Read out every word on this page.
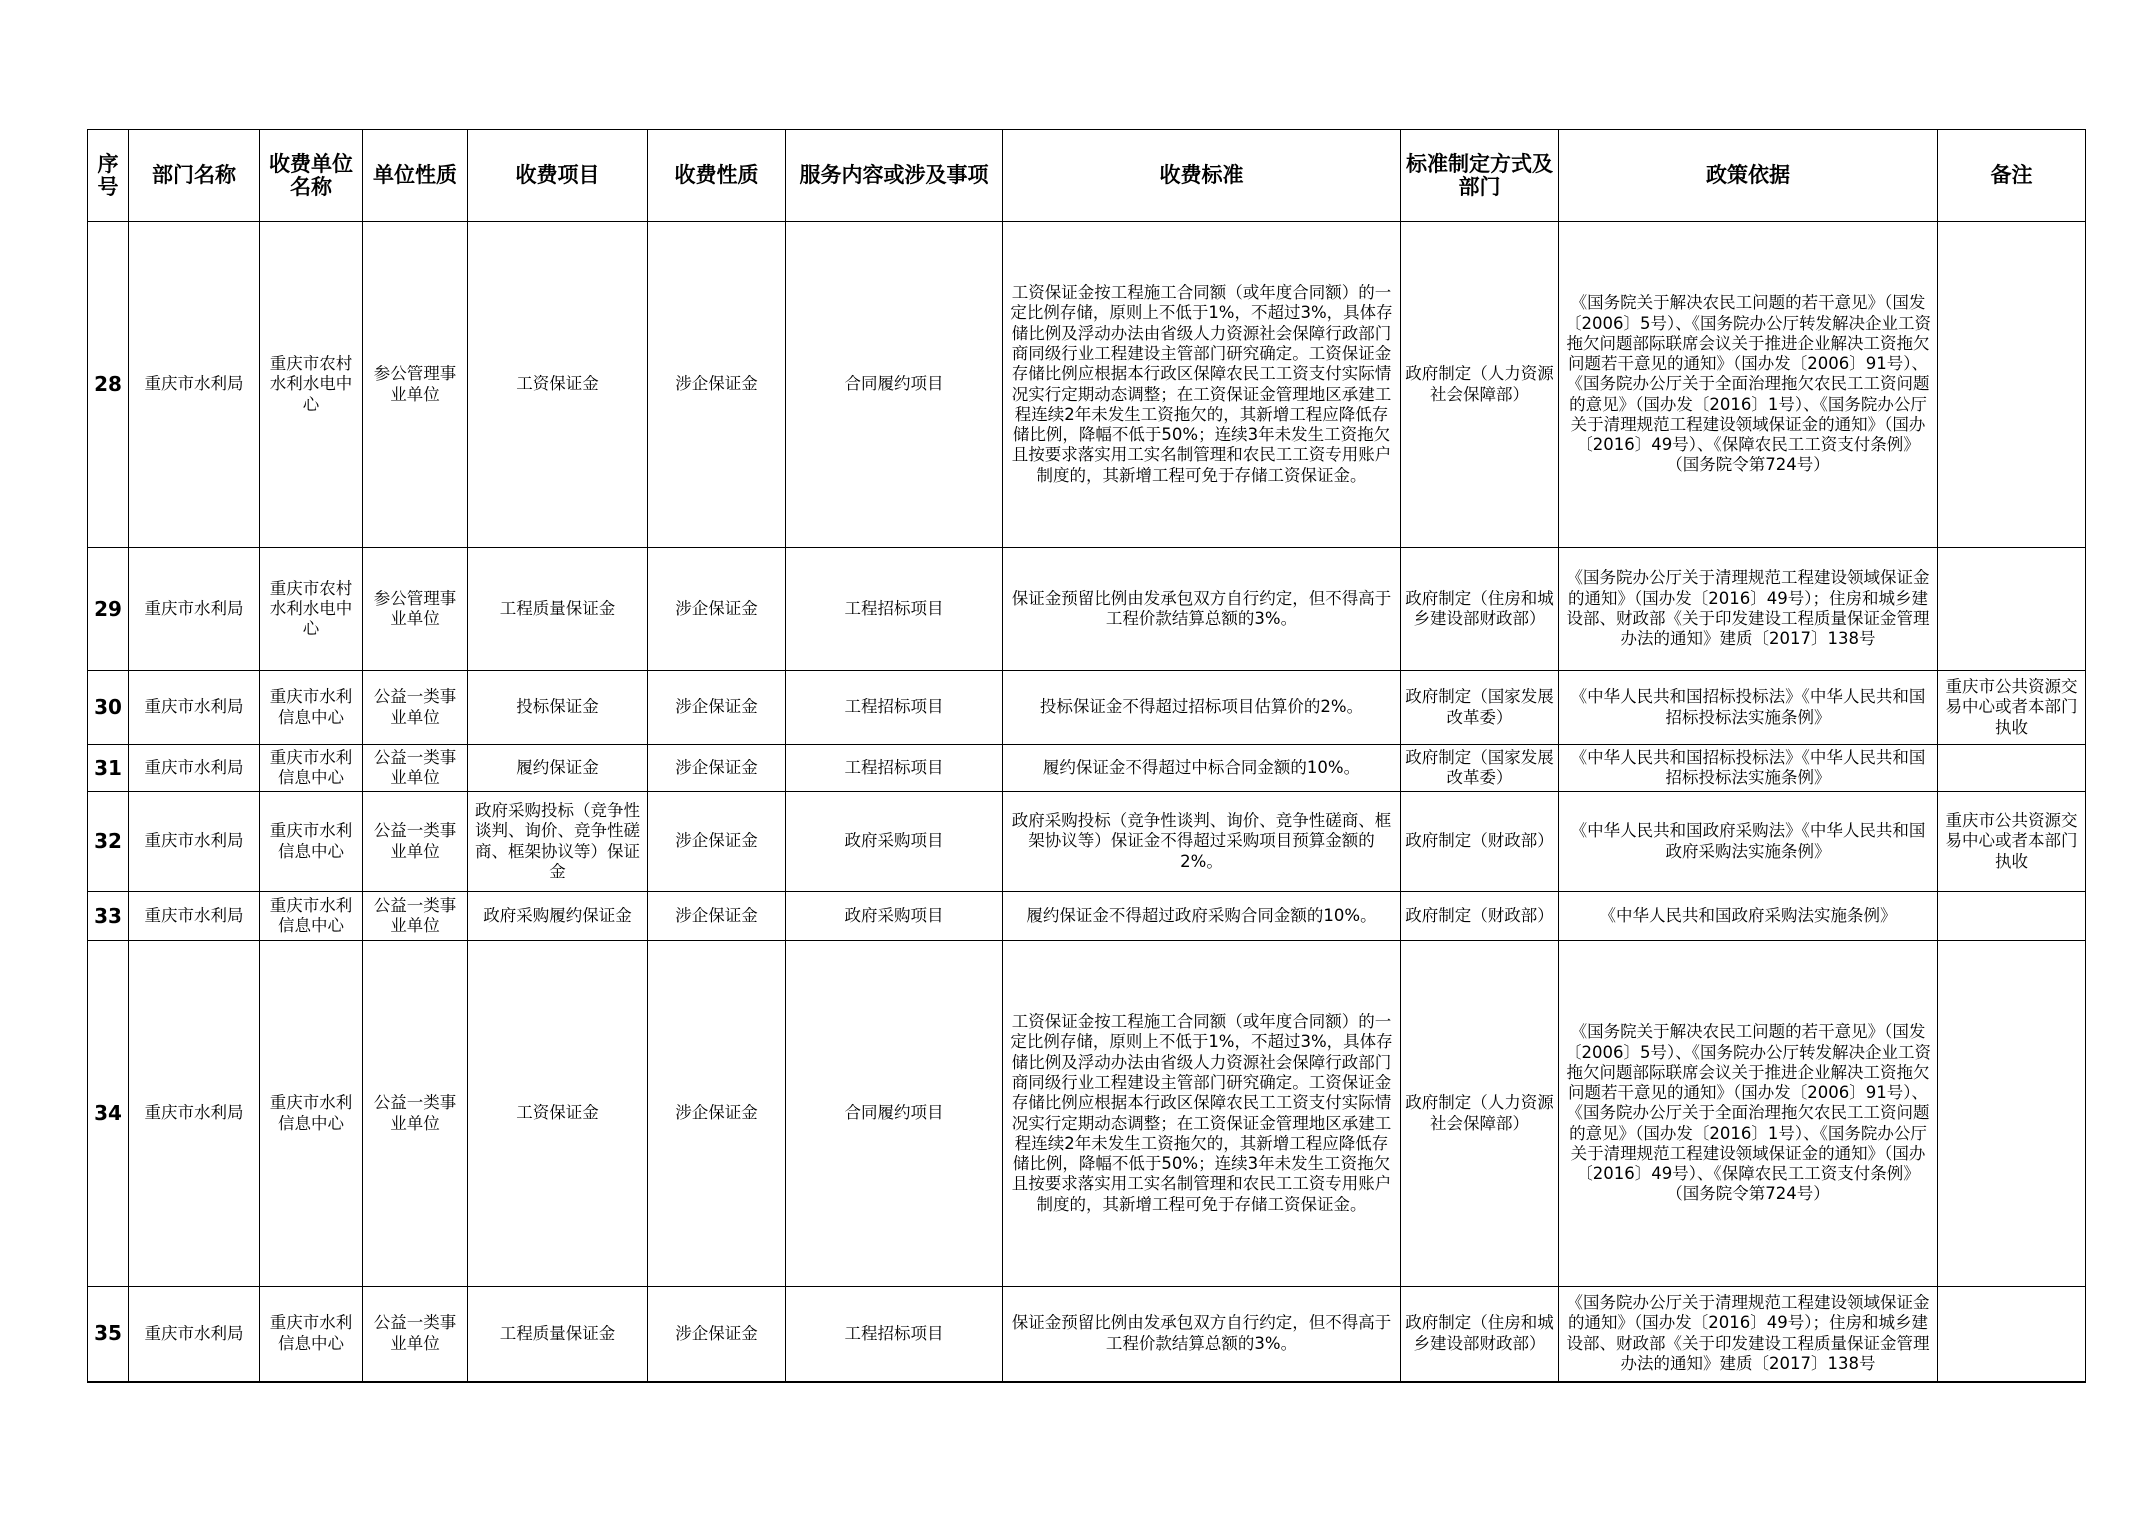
序号	部门名称	收费单位名称	单位性质	收费项目	收费性质	服务内容或涉及事项	收费标准	标准制定方式及部门	政策依据	备注
28	重庆市水利局	重庆市农村水利水电中心	参公管理事业单位	工资保证金	涉企保证金	合同履约项目	工资保证金按工程施工合同额（或年度合同额）的一定比例存储，原则上不低于1%，不超过3%，具体存储比例及浮动办法由省级人力资源社会保障行政部门商同级行业工程建设主管部门研究确定。工资保证金存储比例应根据本行政区保障农民工工资支付实际情况实行定期动态调整；在工资保证金管理地区承建工程连续2年未发生工资拖欠的，其新增工程应降低存储比例，降幅不低于50%；连续3年未发生工资拖欠且按要求落实用工实名制管理和农民工工资专用账户制度的，其新增工程可免于存储工资保证金。	政府制定（人力资源社会保障部）	《国务院关于解决农民工问题的若干意见》（国发〔2006〕5号）、《国务院办公厅转发解决企业工资拖欠问题部际联席会议关于推进企业解决工资拖欠问题若干意见的通知》（国办发〔2006〕91号）、《国务院办公厅关于全面治理拖欠农民工工资问题的意见》（国办发〔2016〕1号）、《国务院办公厅关于清理规范工程建设领域保证金的通知》（国办〔2016〕49号）、《保障农民工工资支付条例》（国务院令第724号）	
29	重庆市水利局	重庆市农村水利水电中心	参公管理事业单位	工程质量保证金	涉企保证金	工程招标项目	保证金预留比例由发承包双方自行约定，但不得高于工程价款结算总额的3%。	政府制定（住房和城乡建设部财政部）	《国务院办公厅关于清理规范工程建设领域保证金的通知》（国办发〔2016〕49号）；住房和城乡建设部、财政部《关于印发建设工程质量保证金管理办法的通知》建质〔2017〕138号	
30	重庆市水利局	重庆市水利信息中心	公益一类事业单位	投标保证金	涉企保证金	工程招标项目	投标保证金不得超过招标项目估算价的2%。	政府制定（国家发展改革委）	《中华人民共和国招标投标法》《中华人民共和国招标投标法实施条例》	重庆市公共资源交易中心或者本部门执收
31	重庆市水利局	重庆市水利信息中心	公益一类事业单位	履约保证金	涉企保证金	工程招标项目	履约保证金不得超过中标合同金额的10%。	政府制定（国家发展改革委）	《中华人民共和国招标投标法》《中华人民共和国招标投标法实施条例》	
32	重庆市水利局	重庆市水利信息中心	公益一类事业单位	政府采购投标（竞争性谈判、询价、竞争性磋商、框架协议等）保证金	涉企保证金	政府采购项目	政府采购投标（竞争性谈判、询价、竞争性磋商、框架协议等）保证金不得超过采购项目预算金额的2%。	政府制定（财政部）	《中华人民共和国政府采购法》《中华人民共和国政府采购法实施条例》	重庆市公共资源交易中心或者本部门执收
33	重庆市水利局	重庆市水利信息中心	公益一类事业单位	政府采购履约保证金	涉企保证金	政府采购项目	履约保证金不得超过政府采购合同金额的10%。	政府制定（财政部）	《中华人民共和国政府采购法实施条例》	
34	重庆市水利局	重庆市水利信息中心	公益一类事业单位	工资保证金	涉企保证金	合同履约项目	工资保证金按工程施工合同额（或年度合同额）的一定比例存储，原则上不低于1%，不超过3%，具体存储比例及浮动办法由省级人力资源社会保障行政部门商同级行业工程建设主管部门研究确定。工资保证金存储比例应根据本行政区保障农民工工资支付实际情况实行定期动态调整；在工资保证金管理地区承建工程连续2年未发生工资拖欠的，其新增工程应降低存储比例，降幅不低于50%；连续3年未发生工资拖欠且按要求落实用工实名制管理和农民工工资专用账户制度的，其新增工程可免于存储工资保证金。	政府制定（人力资源社会保障部）	《国务院关于解决农民工问题的若干意见》（国发〔2006〕5号）、《国务院办公厅转发解决企业工资拖欠问题部际联席会议关于推进企业解决工资拖欠问题若干意见的通知》（国办发〔2006〕91号）、《国务院办公厅关于全面治理拖欠农民工工资问题的意见》（国办发〔2016〕1号）、《国务院办公厅关于清理规范工程建设领域保证金的通知》（国办〔2016〕49号）、《保障农民工工资支付条例》（国务院令第724号）	
35	重庆市水利局	重庆市水利信息中心	公益一类事业单位	工程质量保证金	涉企保证金	工程招标项目	保证金预留比例由发承包双方自行约定，但不得高于工程价款结算总额的3%。	政府制定（住房和城乡建设部财政部）	《国务院办公厅关于清理规范工程建设领域保证金的通知》（国办发〔2016〕49号）；住房和城乡建设部、财政部《关于印发建设工程质量保证金管理办法的通知》建质〔2017〕138号	
